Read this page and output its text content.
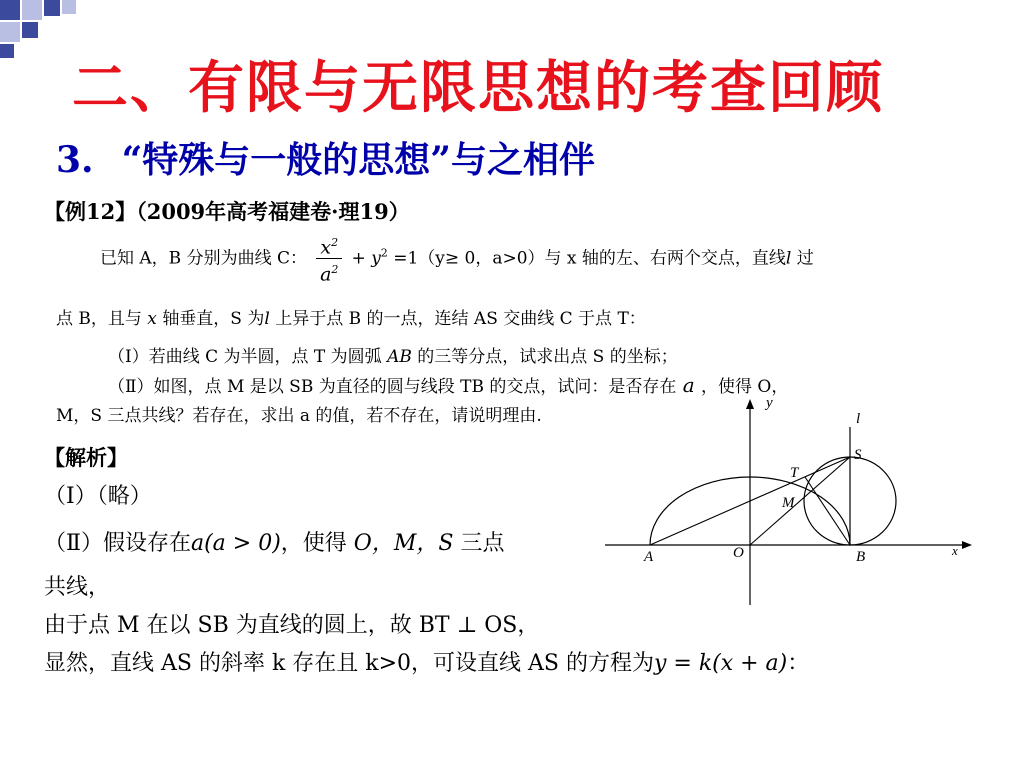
二、有限与无限思想的考查回顾
3. “特殊与一般的思想”与之相伴
【例12】（2009年高考福建卷·理19）
已知 A，B 分别为曲线 C： $\frac{x^2}{a^2} + y^2 =1(y\ge 0$，a>0）与 x 轴的左、右两个交点，直线l 过
点 B，且与 x 轴垂直，S 为l 上异于点 B 的一点，连结 AS 交曲线 C 于点 T：
（Ⅰ）若曲线 C 为半圆，点 T 为圆弧 AB 的三等分点，试求出点 S 的坐标；
（Ⅱ）如图，点 M 是以 SB 为直径的圆与线段 TB 的交点，试问：是否存在 a ，使得 O，
M，S 三点共线？若存在，求出 a 的值，若不存在，请说明理由.
【解析】
（Ⅰ）（略）
（Ⅱ）假设存在a(a > 0)，使得 O，M，S 三点
共线，
由于点 M 在以 SB 为直线的圆上，故 BT ⊥ OS，
显然，直线 AS 的斜率 k 存在且 k>0，可设直线 AS 的方程为y = k(x + a)：
y
x
l
S
T
M
A	O	B
